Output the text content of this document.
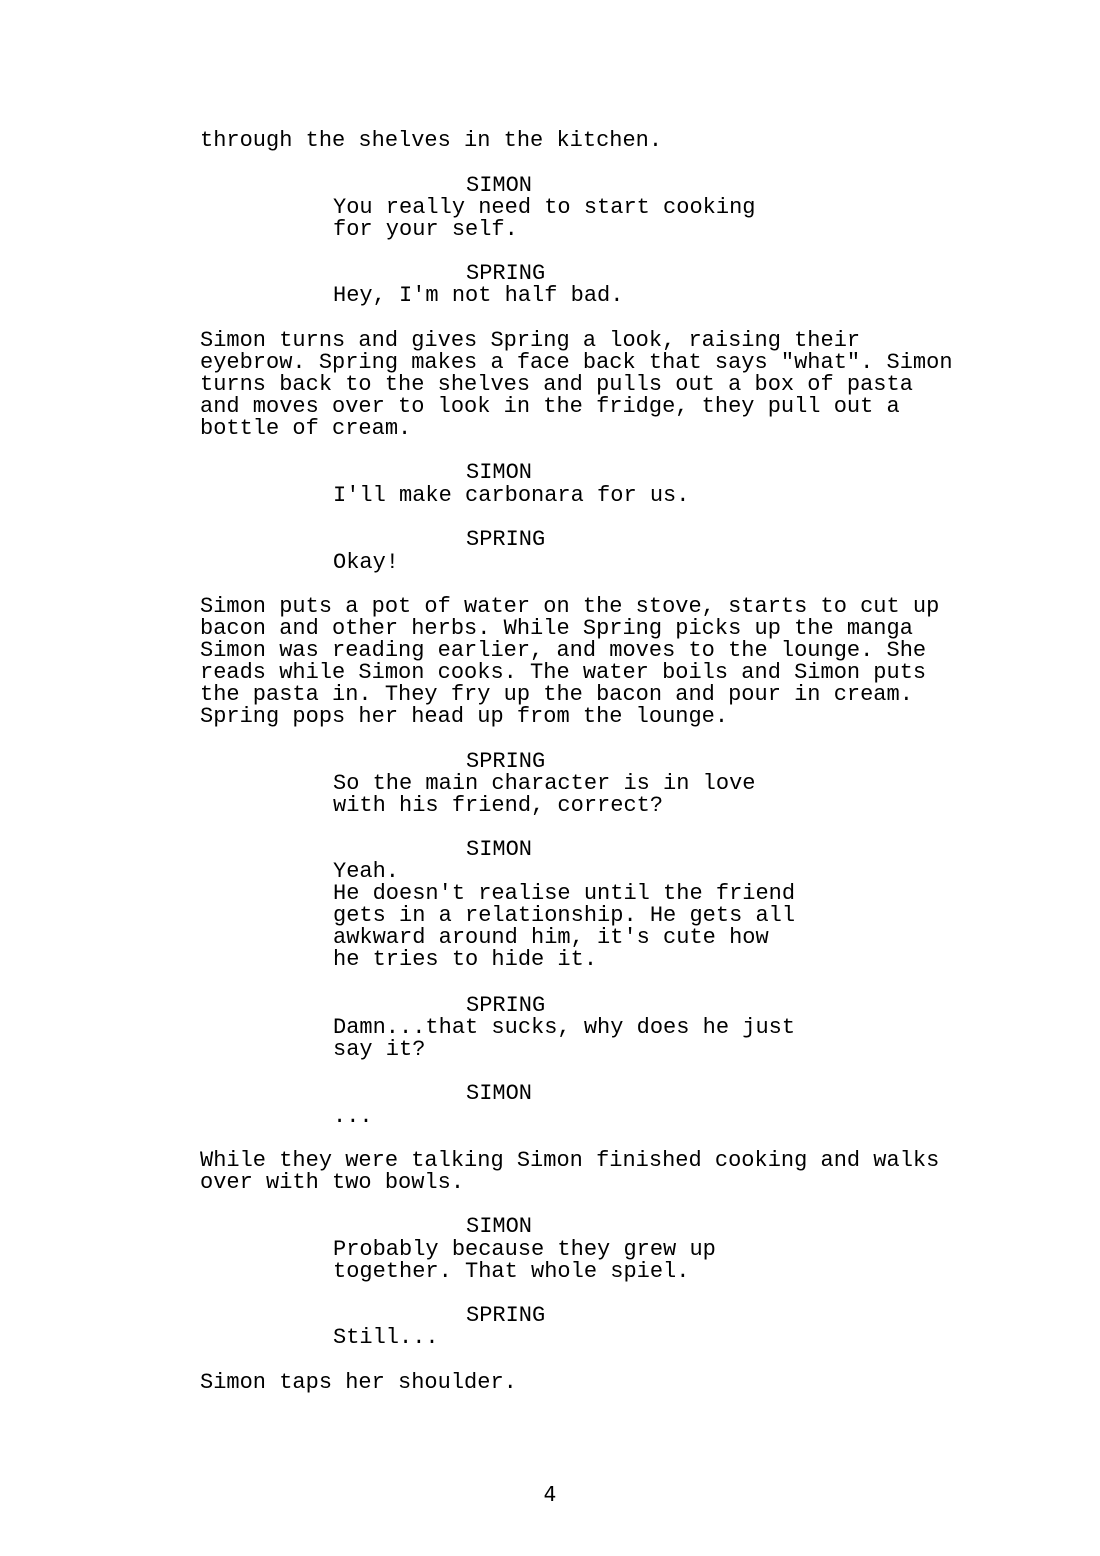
through the shelves in the kitchen.
SIMON
You really need to start cooking
for your self.
SPRING
Hey, I'm not half bad.
Simon turns and gives Spring a look, raising their
eyebrow. Spring makes a face back that says "what". Simon
turns back to the shelves and pulls out a box of pasta
and moves over to look in the fridge, they pull out a
bottle of cream.
SIMON
I'll make carbonara for us.
SPRING
Okay!
Simon puts a pot of water on the stove, starts to cut up
bacon and other herbs. While Spring picks up the manga
Simon was reading earlier, and moves to the lounge. She
reads while Simon cooks. The water boils and Simon puts
the pasta in. They fry up the bacon and pour in cream.
Spring pops her head up from the lounge.
SPRING
So the main character is in love
with his friend, correct?
SIMON
Yeah.
He doesn't realise until the friend
gets in a relationship. He gets all
awkward around him, it's cute how
he tries to hide it.
SPRING
Damn...that sucks, why does he just
say it?
SIMON
...
While they were talking Simon finished cooking and walks
over with two bowls.
SIMON
Probably because they grew up
together. That whole spiel.
SPRING
Still...
Simon taps her shoulder.
4
